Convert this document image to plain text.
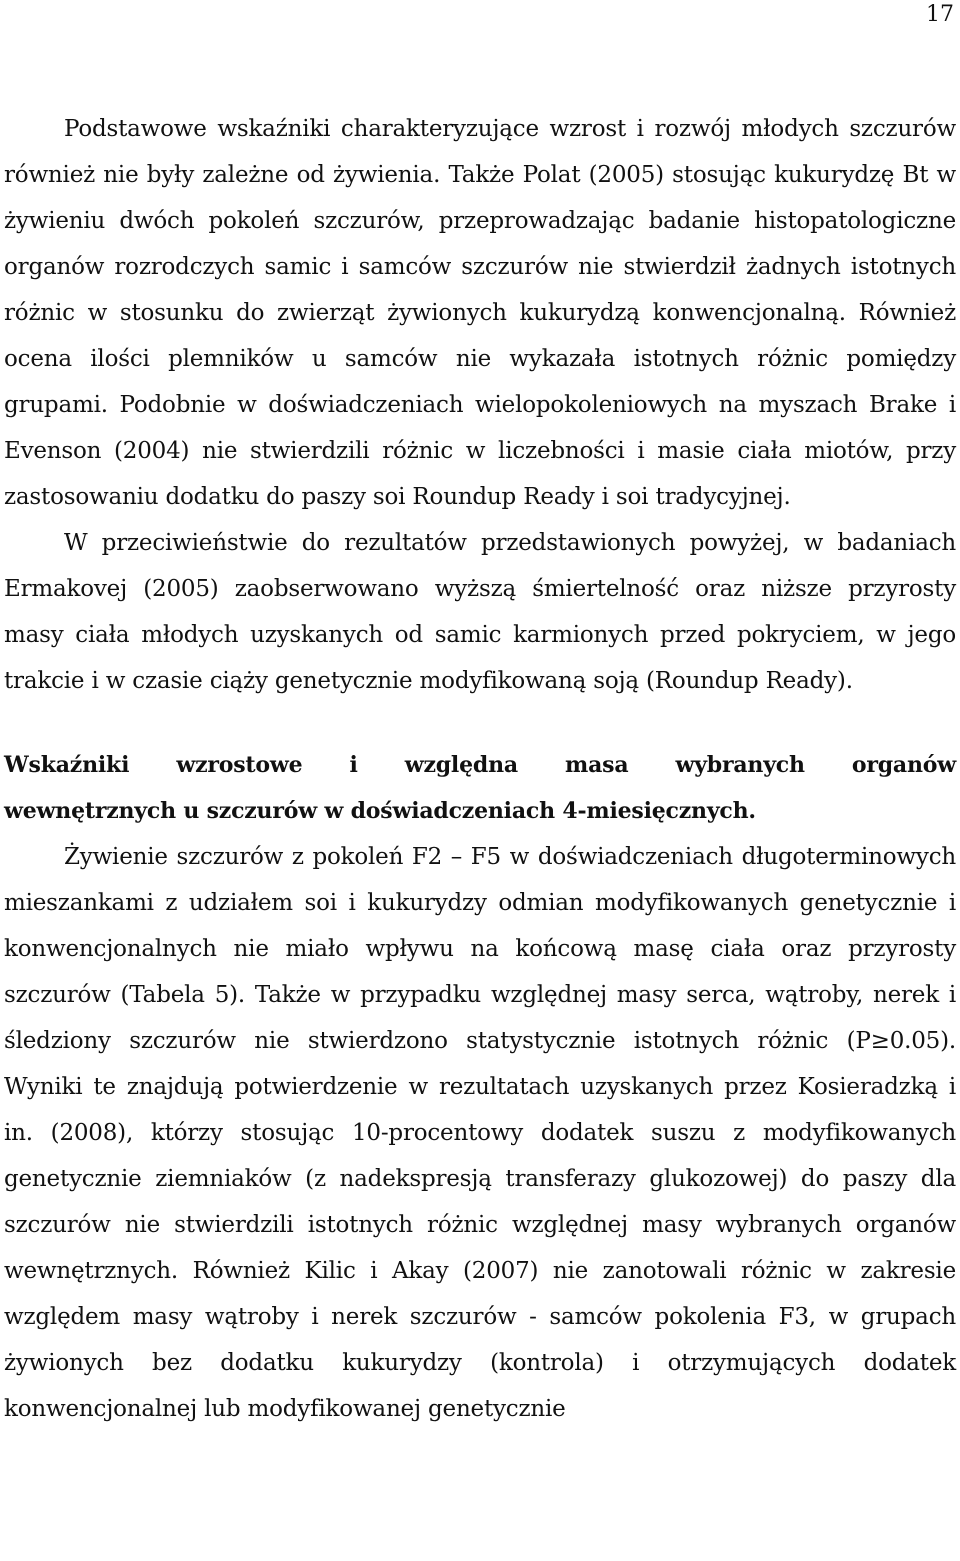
17

Podstawowe wskaźniki charakteryzujące wzrost i rozwój młodych szczurów również nie były zależne od żywienia. Także Polat (2005) stosując kukurydzę Bt w żywieniu dwóch pokoleń szczurów, przeprowadzając badanie histopatologiczne organów rozrodczych samic i samców szczurów nie stwierdził żadnych istotnych różnic w stosunku do zwierząt żywionych kukurydzą konwencjonalną. Również ocena ilości plemników u samców nie wykazała istotnych różnic pomiędzy grupami. Podobnie w doświadczeniach wielopokoleniowych na myszach Brake i Evenson (2004) nie stwierdzili różnic w liczebności i masie ciała miotów, przy zastosowaniu dodatku do paszy soi Roundup Ready i soi tradycyjnej.

W przeciwieństwie do rezultatów przedstawionych powyżej, w badaniach Ermakovej (2005) zaobserwowano wyższą śmiertelność oraz niższe przyrosty masy ciała młodych uzyskanych od samic karmionych przed pokryciem, w jego trakcie i w czasie ciąży genetycznie modyfikowaną soją (Roundup Ready).

Wskaźniki wzrostowe i względna masa wybranych organów
wewnętrznych u szczurów w doświadczeniach 4-miesięcznych.

Żywienie szczurów z pokoleń F2 – F5 w doświadczeniach długoterminowych mieszankami z udziałem soi i kukurydzy odmian modyfikowanych genetycznie i konwencjonalnych nie miało wpływu na końcową masę ciała oraz przyrosty szczurów (Tabela 5). Także w przypadku względnej masy serca, wątroby, nerek i śledziony szczurów nie stwierdzono statystycznie istotnych różnic (P≥0.05). Wyniki te znajdują potwierdzenie w rezultatach uzyskanych przez Kosieradzką i in. (2008), którzy stosując 10-procentowy dodatek suszu z modyfikowanych genetycznie ziemniaków (z nadekspresją transferazy glukozowej) do paszy dla szczurów nie stwierdzili istotnych różnic względnej masy wybranych organów wewnętrznych. Również Kilic i Akay (2007) nie zanotowali różnic w zakresie względem masy wątroby i nerek szczurów - samców pokolenia F3, w grupach żywionych bez dodatku kukurydzy (kontrola) i otrzymujących dodatek konwencjonalnej lub modyfikowanej genetycznie
